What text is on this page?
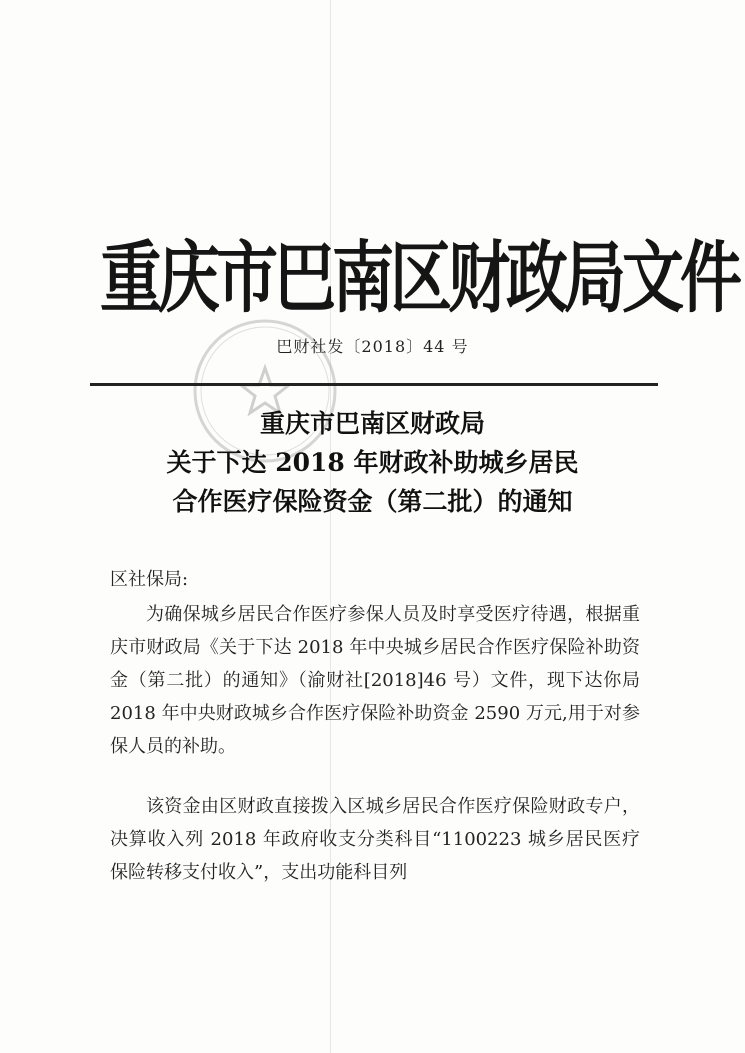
重庆市巴南区财政局文件
巴财社发〔2018〕44 号
重庆市巴南区财政局
关于下达 2018 年财政补助城乡居民
合作医疗保险资金（第二批）的通知
区社保局:

为确保城乡居民合作医疗参保人员及时享受医疗待遇，根据重庆市财政局《关于下达 2018 年中央城乡居民合作医疗保险补助资金（第二批）的通知》（渝财社[2018]46 号）文件，现下达你局 2018 年中央财政城乡合作医疗保险补助资金 2590 万元,用于对参保人员的补助。

该资金由区财政直接拨入区城乡居民合作医疗保险财政专户，决算收入列 2018 年政府收支分类科目“1100223 城乡居民医疗保险转移支付收入”，支出功能科目列
